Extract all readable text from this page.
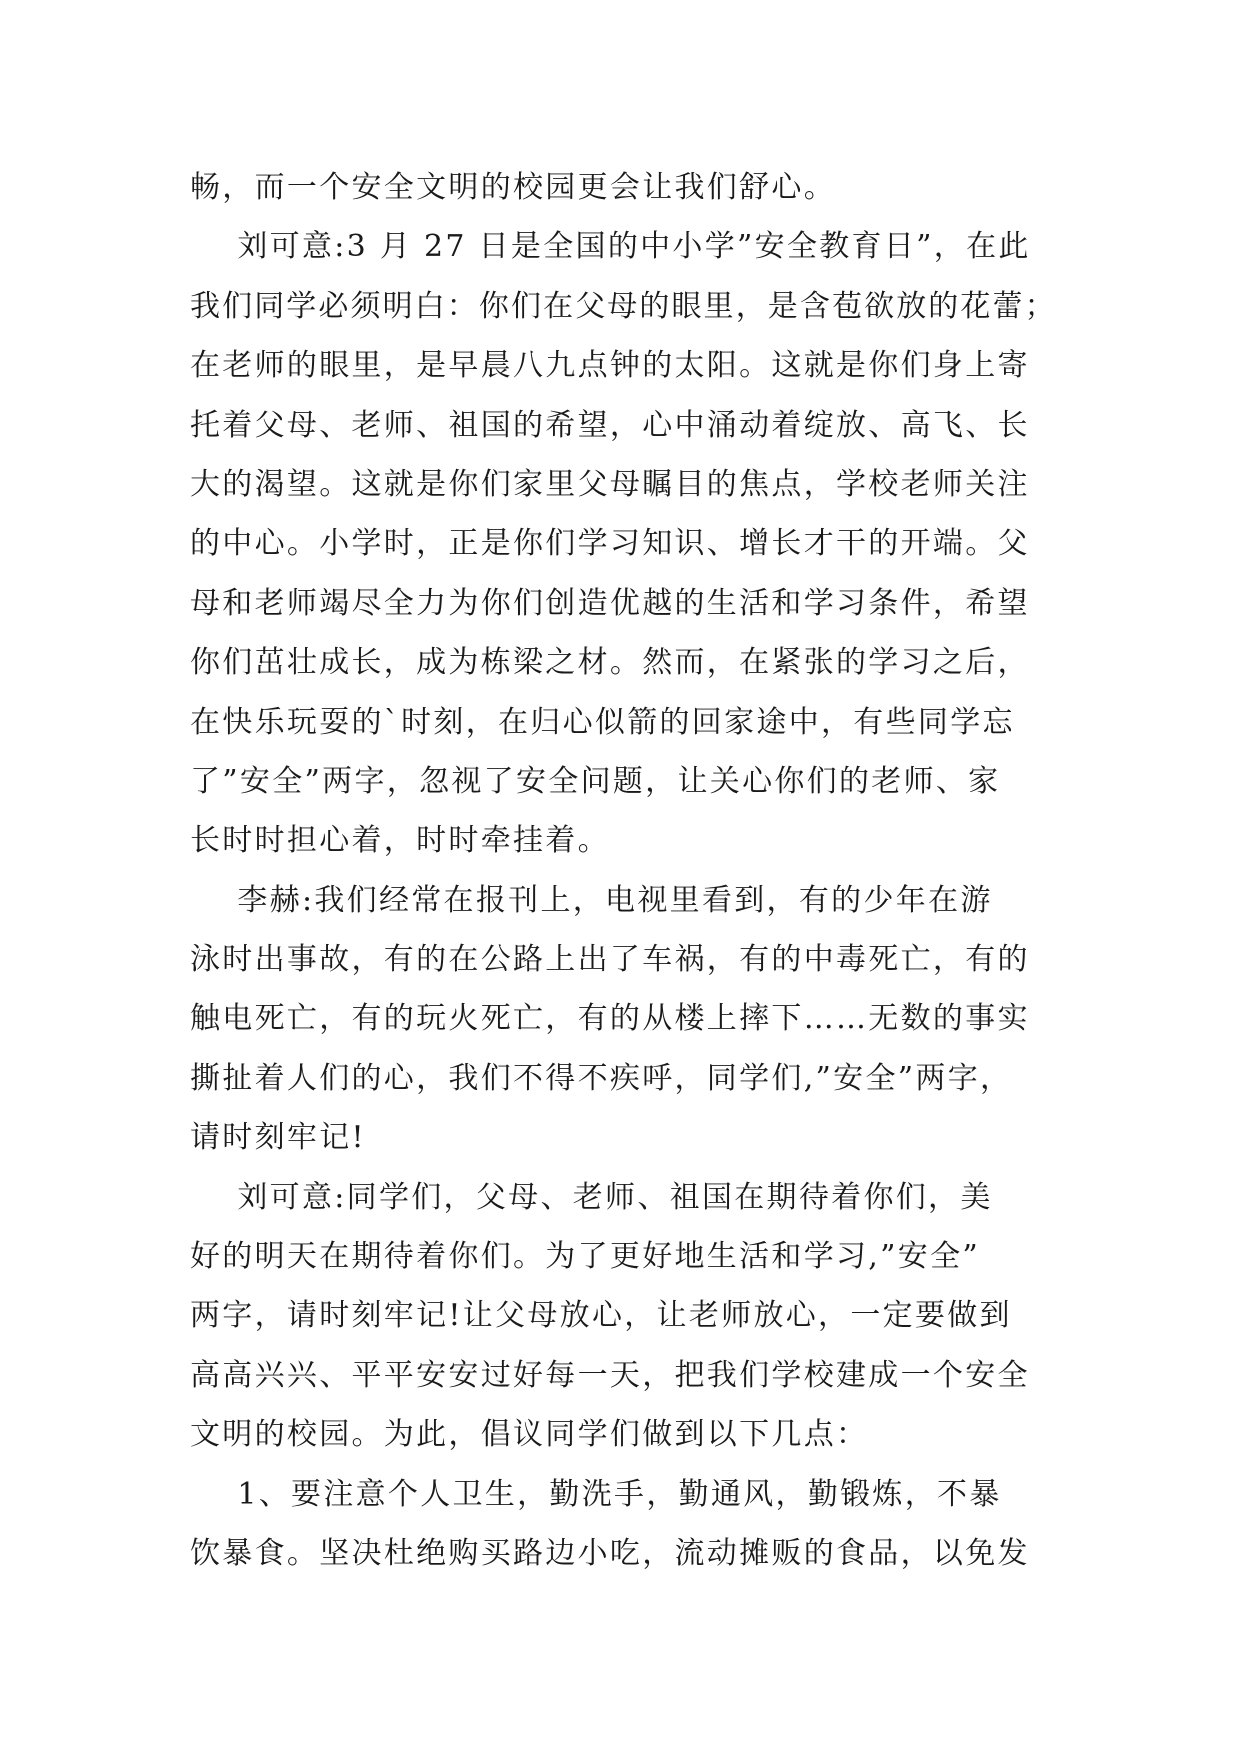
畅，而一个安全文明的校园更会让我们舒心。
刘可意:3 月 27 日是全国的中小学”安全教育日”，在此
我们同学必须明白：你们在父母的眼里，是含苞欲放的花蕾；
在老师的眼里，是早晨八九点钟的太阳。这就是你们身上寄
托着父母、老师、祖国的希望，心中涌动着绽放、高飞、长
大的渴望。这就是你们家里父母瞩目的焦点，学校老师关注
的中心。小学时，正是你们学习知识、增长才干的开端。父
母和老师竭尽全力为你们创造优越的生活和学习条件，希望
你们茁壮成长，成为栋梁之材。然而，在紧张的学习之后，
在快乐玩耍的`时刻，在归心似箭的回家途中，有些同学忘
了”安全”两字，忽视了安全问题，让关心你们的老师、家
长时时担心着，时时牵挂着。
李赫:我们经常在报刊上，电视里看到，有的少年在游
泳时出事故，有的在公路上出了车祸，有的中毒死亡，有的
触电死亡，有的玩火死亡，有的从楼上摔下……无数的事实
撕扯着人们的心，我们不得不疾呼，同学们,”安全”两字，
请时刻牢记!
刘可意:同学们，父母、老师、祖国在期待着你们，美
好的明天在期待着你们。为了更好地生活和学习,”安全”
两字，请时刻牢记!让父母放心，让老师放心，一定要做到
高高兴兴、平平安安过好每一天，把我们学校建成一个安全
文明的校园。为此，倡议同学们做到以下几点：
1、要注意个人卫生，勤洗手，勤通风，勤锻炼，不暴
饮暴食。坚决杜绝购买路边小吃，流动摊贩的食品，以免发
